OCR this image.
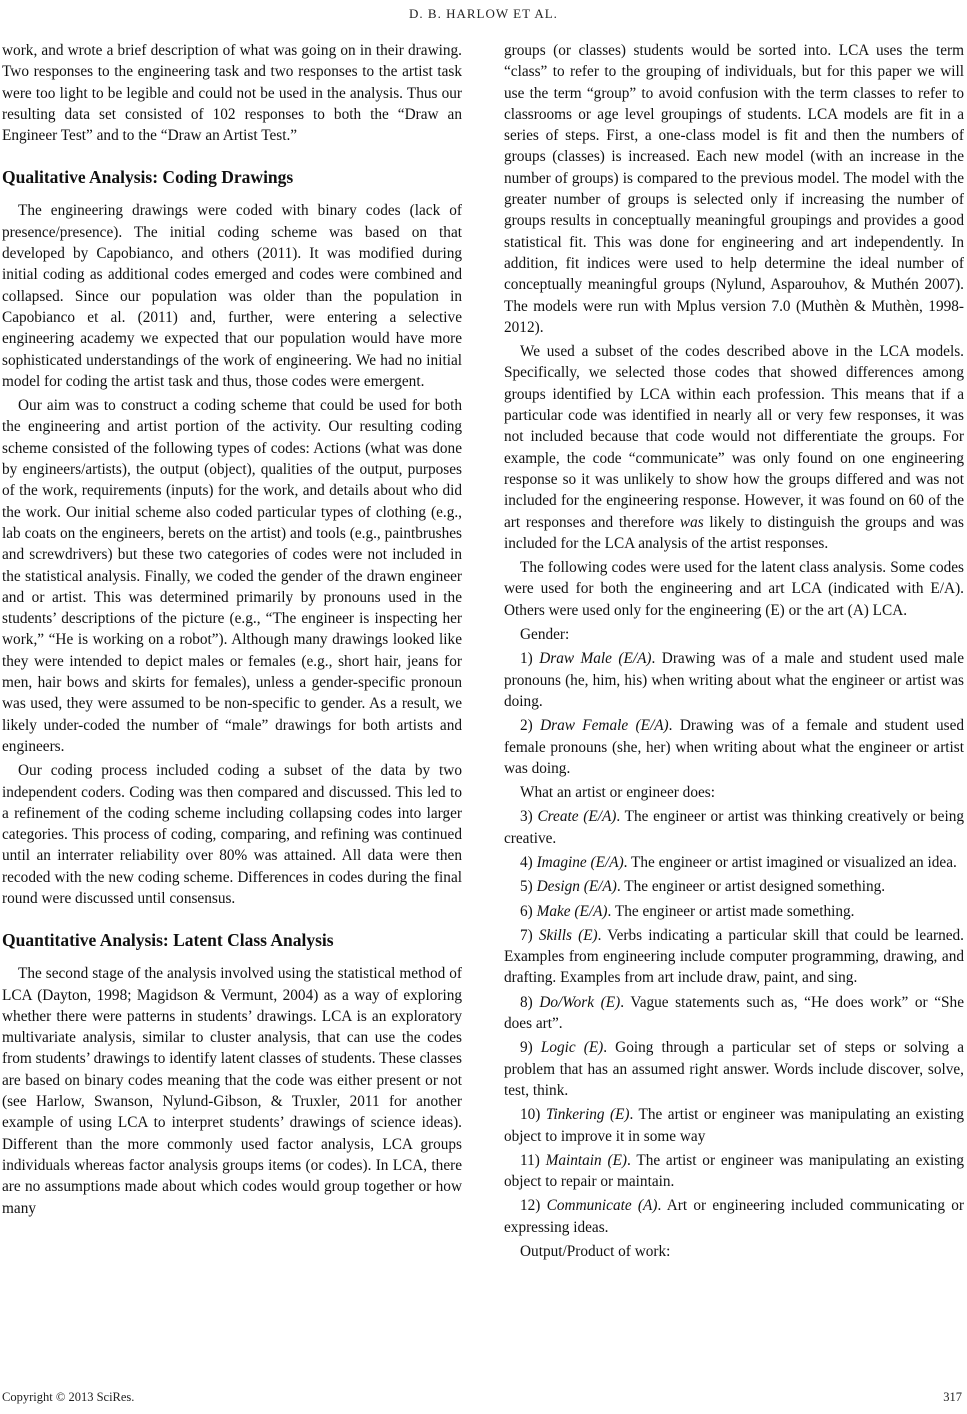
D. B. HARLOW ET AL.

work, and wrote a brief description of what was going on in their drawing. Two responses to the engineering task and two responses to the artist task were too light to be legible and could not be used in the analysis. Thus our resulting data set consisted of 102 responses to both the “Draw an Engineer Test” and to the “Draw an Artist Test.”

Qualitative Analysis: Coding Drawings

The engineering drawings were coded with binary codes (lack of presence/presence). The initial coding scheme was based on that developed by Capobianco, and others (2011). It was modified during initial coding as additional codes emerged and codes were combined and collapsed. Since our population was older than the population in Capobianco et al. (2011) and, further, were entering a selective engineering academy we expected that our population would have more sophisticated understandings of the work of engineering. We had no initial model for coding the artist task and thus, those codes were emergent.

Our aim was to construct a coding scheme that could be used for both the engineering and artist portion of the activity. Our resulting coding scheme consisted of the following types of codes: Actions (what was done by engineers/artists), the output (object), qualities of the output, purposes of the work, requirements (inputs) for the work, and details about who did the work. Our initial scheme also coded particular types of clothing (e.g., lab coats on the engineers, berets on the artist) and tools (e.g., paintbrushes and screwdrivers) but these two categories of codes were not included in the statistical analysis. Finally, we coded the gender of the drawn engineer and or artist. This was determined primarily by pronouns used in the students’ descriptions of the picture (e.g., “The engineer is inspecting her work,” “He is working on a robot”). Although many drawings looked like they were intended to depict males or females (e.g., short hair, jeans for men, hair bows and skirts for females), unless a gender-specific pronoun was used, they were assumed to be non-specific to gender. As a result, we likely under-coded the number of “male” drawings for both artists and engineers.

Our coding process included coding a subset of the data by two independent coders. Coding was then compared and discussed. This led to a refinement of the coding scheme including collapsing codes into larger categories. This process of coding, comparing, and refining was continued until an interrater reliability over 80% was attained. All data were then recoded with the new coding scheme. Differences in codes during the final round were discussed until consensus.

Quantitative Analysis: Latent Class Analysis

The second stage of the analysis involved using the statistical method of LCA (Dayton, 1998; Magidson & Vermunt, 2004) as a way of exploring whether there were patterns in students’ drawings. LCA is an exploratory multivariate analysis, similar to cluster analysis, that can use the codes from students’ drawings to identify latent classes of students. These classes are based on binary codes meaning that the code was either present or not (see Harlow, Swanson, Nylund-Gibson, & Truxler, 2011 for another example of using LCA to interpret students’ drawings of science ideas). Different than the more commonly used factor analysis, LCA groups individuals whereas factor analysis groups items (or codes). In LCA, there are no assumptions made about which codes would group together or how many

groups (or classes) students would be sorted into. LCA uses the term “class” to refer to the grouping of individuals, but for this paper we will use the term “group” to avoid confusion with the term classes to refer to classrooms or age level groupings of students. LCA models are fit in a series of steps. First, a one-class model is fit and then the numbers of groups (classes) is increased. Each new model (with an increase in the number of groups) is compared to the previous model. The model with the greater number of groups is selected only if increasing the number of groups results in conceptually meaningful groupings and provides a good statistical fit. This was done for engineering and art independently. In addition, fit indices were used to help determine the ideal number of conceptually meaningful groups (Nylund, Asparouhov, & Muthén 2007). The models were run with Mplus version 7.0 (Muthèn & Muthèn, 1998-2012).

We used a subset of the codes described above in the LCA models. Specifically, we selected those codes that showed differences among groups identified by LCA within each profession. This means that if a particular code was identified in nearly all or very few responses, it was not included because that code would not differentiate the groups. For example, the code “communicate” was only found on one engineering response so it was unlikely to show how the groups differed and was not included for the engineering response. However, it was found on 60 of the art responses and therefore was likely to distinguish the groups and was included for the LCA analysis of the artist responses.

The following codes were used for the latent class analysis. Some codes were used for both the engineering and art LCA (indicated with E/A). Others were used only for the engineering (E) or the art (A) LCA.

Gender:

1) Draw Male (E/A). Drawing was of a male and student used male pronouns (he, him, his) when writing about what the engineer or artist was doing.

2) Draw Female (E/A). Drawing was of a female and student used female pronouns (she, her) when writing about what the engineer or artist was doing.

What an artist or engineer does:

3) Create (E/A). The engineer or artist was thinking creatively or being creative.

4) Imagine (E/A). The engineer or artist imagined or visualized an idea.

5) Design (E/A). The engineer or artist designed something.

6) Make (E/A). The engineer or artist made something.

7) Skills (E). Verbs indicating a particular skill that could be learned. Examples from engineering include computer programming, drawing, and drafting. Examples from art include draw, paint, and sing.

8) Do/Work (E). Vague statements such as, “He does work” or “She does art”.

9) Logic (E). Going through a particular set of steps or solving a problem that has an assumed right answer. Words include discover, solve, test, think.

10) Tinkering (E). The artist or engineer was manipulating an existing object to improve it in some way

11) Maintain (E). The artist or engineer was manipulating an existing object to repair or maintain.

12) Communicate (A). Art or engineering included communicating or expressing ideas.

Output/Product of work:

Copyright © 2013 SciRes.	317
